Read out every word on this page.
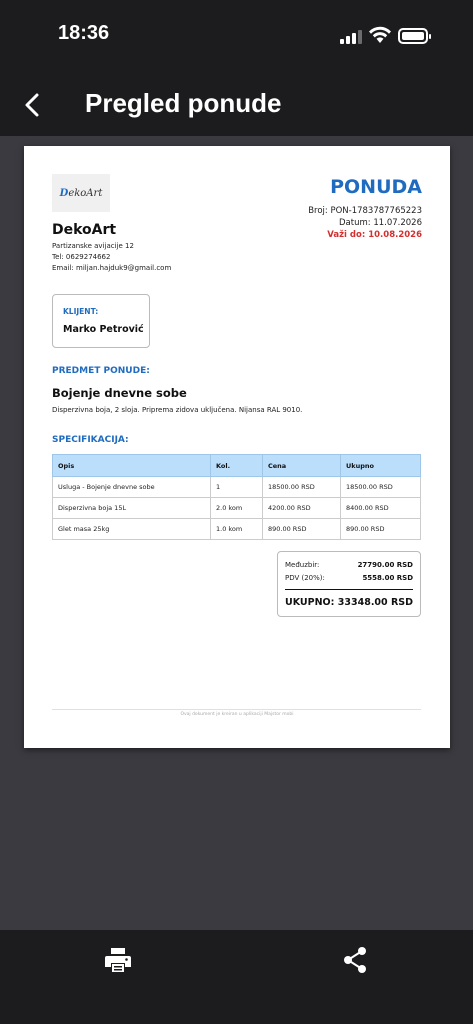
18:36
Pregled ponude
DekoArt
DekoArt
Partizanske avijacije 12
Tel: 0629274662
Email: miljan.hajduk9@gmail.com
PONUDA
Broj: PON-1783787765223
Datum: 11.07.2026
Važi do: 10.08.2026
KLIJENT:
Marko Petrović
PREDMET PONUDE:
Bojenje dnevne sobe
Disperzivna boja, 2 sloja. Priprema zidova uključena. Nijansa RAL 9010.
SPECIFIKACIJA:
Opis	Kol.	Cena	Ukupno
Usluga - Bojenje dnevne sobe	1	18500.00 RSD	18500.00 RSD
Disperzivna boja 15L	2.0 kom	4200.00 RSD	8400.00 RSD
Glet masa 25kg	1.0 kom	890.00 RSD	890.00 RSD
Međuzbir:	27790.00 RSD
PDV (20%):	5558.00 RSD
UKUPNO: 33348.00 RSD
Ovaj dokument je kreiran u aplikaciji Majstor mobi
